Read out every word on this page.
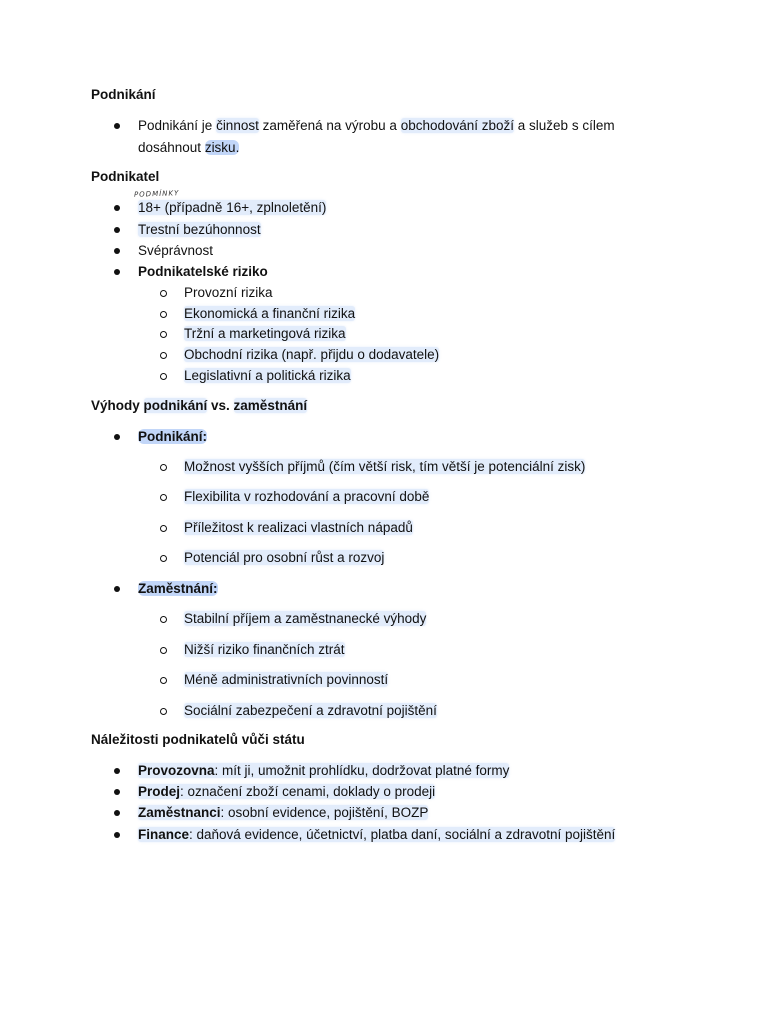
Podnikání
Podnikání je činnost zaměřená na výrobu a obchodování zboží a služeb s cílem
dosáhnout zisku.
Podnikatel
PODMÍNKY
18+ (případně 16+, zplnoletění)
Trestní bezúhonnost
Svéprávnost
Podnikatelské riziko
Provozní rizika
Ekonomická a finanční rizika
Tržní a marketingová rizika
Obchodní rizika (např. přijdu o dodavatele)
Legislativní a politická rizika
Výhody podnikání vs. zaměstnání
Podnikání:
Možnost vyšších příjmů (čím větší risk, tím větší je potenciální zisk)
Flexibilita v rozhodování a pracovní době
Příležitost k realizaci vlastních nápadů
Potenciál pro osobní růst a rozvoj
Zaměstnání:
Stabilní příjem a zaměstnanecké výhody
Nižší riziko finančních ztrát
Méně administrativních povinností
Sociální zabezpečení a zdravotní pojištění
Náležitosti podnikatelů vůči státu
Provozovna: mít ji, umožnit prohlídku, dodržovat platné formy
Prodej: označení zboží cenami, doklady o prodeji
Zaměstnanci: osobní evidence, pojištění, BOZP
Finance: daňová evidence, účetnictví, platba daní, sociální a zdravotní pojištění
